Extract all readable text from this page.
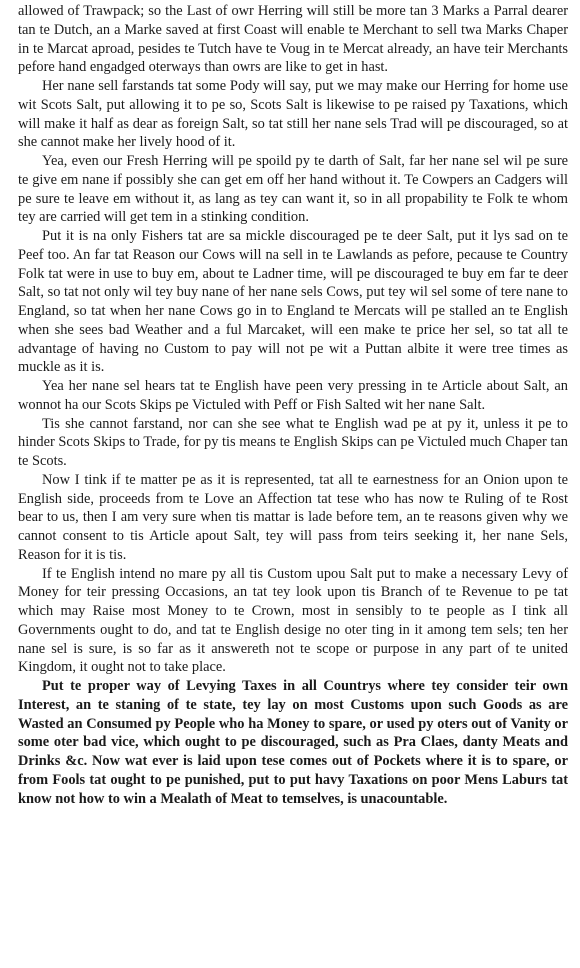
allowed of Trawpack; so the Last of owr Herring will still be more tan 3 Marks a Parral dearer tan te Dutch, an a Marke saved at first Coast will enable te Merchant to sell twa Marks Chaper in te Marcat aproad, pesides te Tutch have te Voug in te Mercat already, an have teir Merchants pefore hand engadged oterways than owrs are like to get in hast.

Her nane sell farstands tat some Pody will say, put we may make our Herring for home use wit Scots Salt, put allowing it to pe so, Scots Salt is likewise to pe raised py Taxations, which will make it half as dear as foreign Salt, so tat still her nane sels Trad will pe discouraged, so at she cannot make her lively hood of it.

Yea, even our Fresh Herring will pe spoild py te darth of Salt, far her nane sel wil pe sure te give em nane if possibly she can get em off her hand without it. Te Cowpers an Cadgers will pe sure te leave em without it, as lang as tey can want it, so in all propability te Folk te whom tey are carried will get tem in a stinking condition.

Put it is na only Fishers tat are sa mickle discouraged pe te deer Salt, put it lys sad on te Peef too. An far tat Reason our Cows will na sell in te Lawlands as pefore, pecause te Country Folk tat were in use to buy em, about te Ladner time, will pe discouraged te buy em far te deer Salt, so tat not only wil tey buy nane of her nane sels Cows, put tey wil sel some of tere nane to England, so tat when her nane Cows go in to England te Mercats will pe stalled an te English when she sees bad Weather and a ful Marcaket, will een make te price her sel, so tat all te advantage of having no Custom to pay will not pe wit a Puttan albite it were tree times as muckle as it is.

Yea her nane sel hears tat te English have peen very pressing in te Article about Salt, an wonnot ha our Scots Skips pe Victuled with Peff or Fish Salted wit her nane Salt.

Tis she cannot farstand, nor can she see what te English wad pe at py it, unless it pe to hinder Scots Skips to Trade, for py tis means te English Skips can pe Victuled much Chaper tan te Scots.

Now I tink if te matter pe as it is represented, tat all te earnestness for an Onion upon te English side, proceeds from te Love an Affection tat tese who has now te Ruling of te Rost bear to us, then I am very sure when tis mattar is lade before tem, an te reasons given why we cannot consent to tis Article apout Salt, tey will pass from teirs seeking it, her nane Sels, Reason for it is tis.

If te English intend no mare py all tis Custom upou Salt put to make a necessary Levy of Money for teir pressing Occasions, an tat tey look upon tis Branch of te Revenue to pe tat which may Raise most Money to te Crown, most in sensibly to te people as I tink all Governments ought to do, and tat te English desige no oter ting in it among tem sels; ten her nane sel is sure, is so far as it answereth not te scope or purpose in any part of te united Kingdom, it ought not to take place.

Put te proper way of Levying Taxes in all Countrys where tey consider teir own Interest, an te staning of te state, tey lay on most Customs upon such Goods as are Wasted an Consumed py People who ha Money to spare, or used py oters out of Vanity or some oter bad vice, which ought to pe discouraged, such as Pra Claes, danty Meats and Drinks &c. Now wat ever is laid upon tese comes out of Pockets where it is to spare, or from Fools tat ought to pe punished, put to put havy Taxations on poor Mens Laburs tat know not how to win a Mealath of Meat to temselves, is unacountable.
